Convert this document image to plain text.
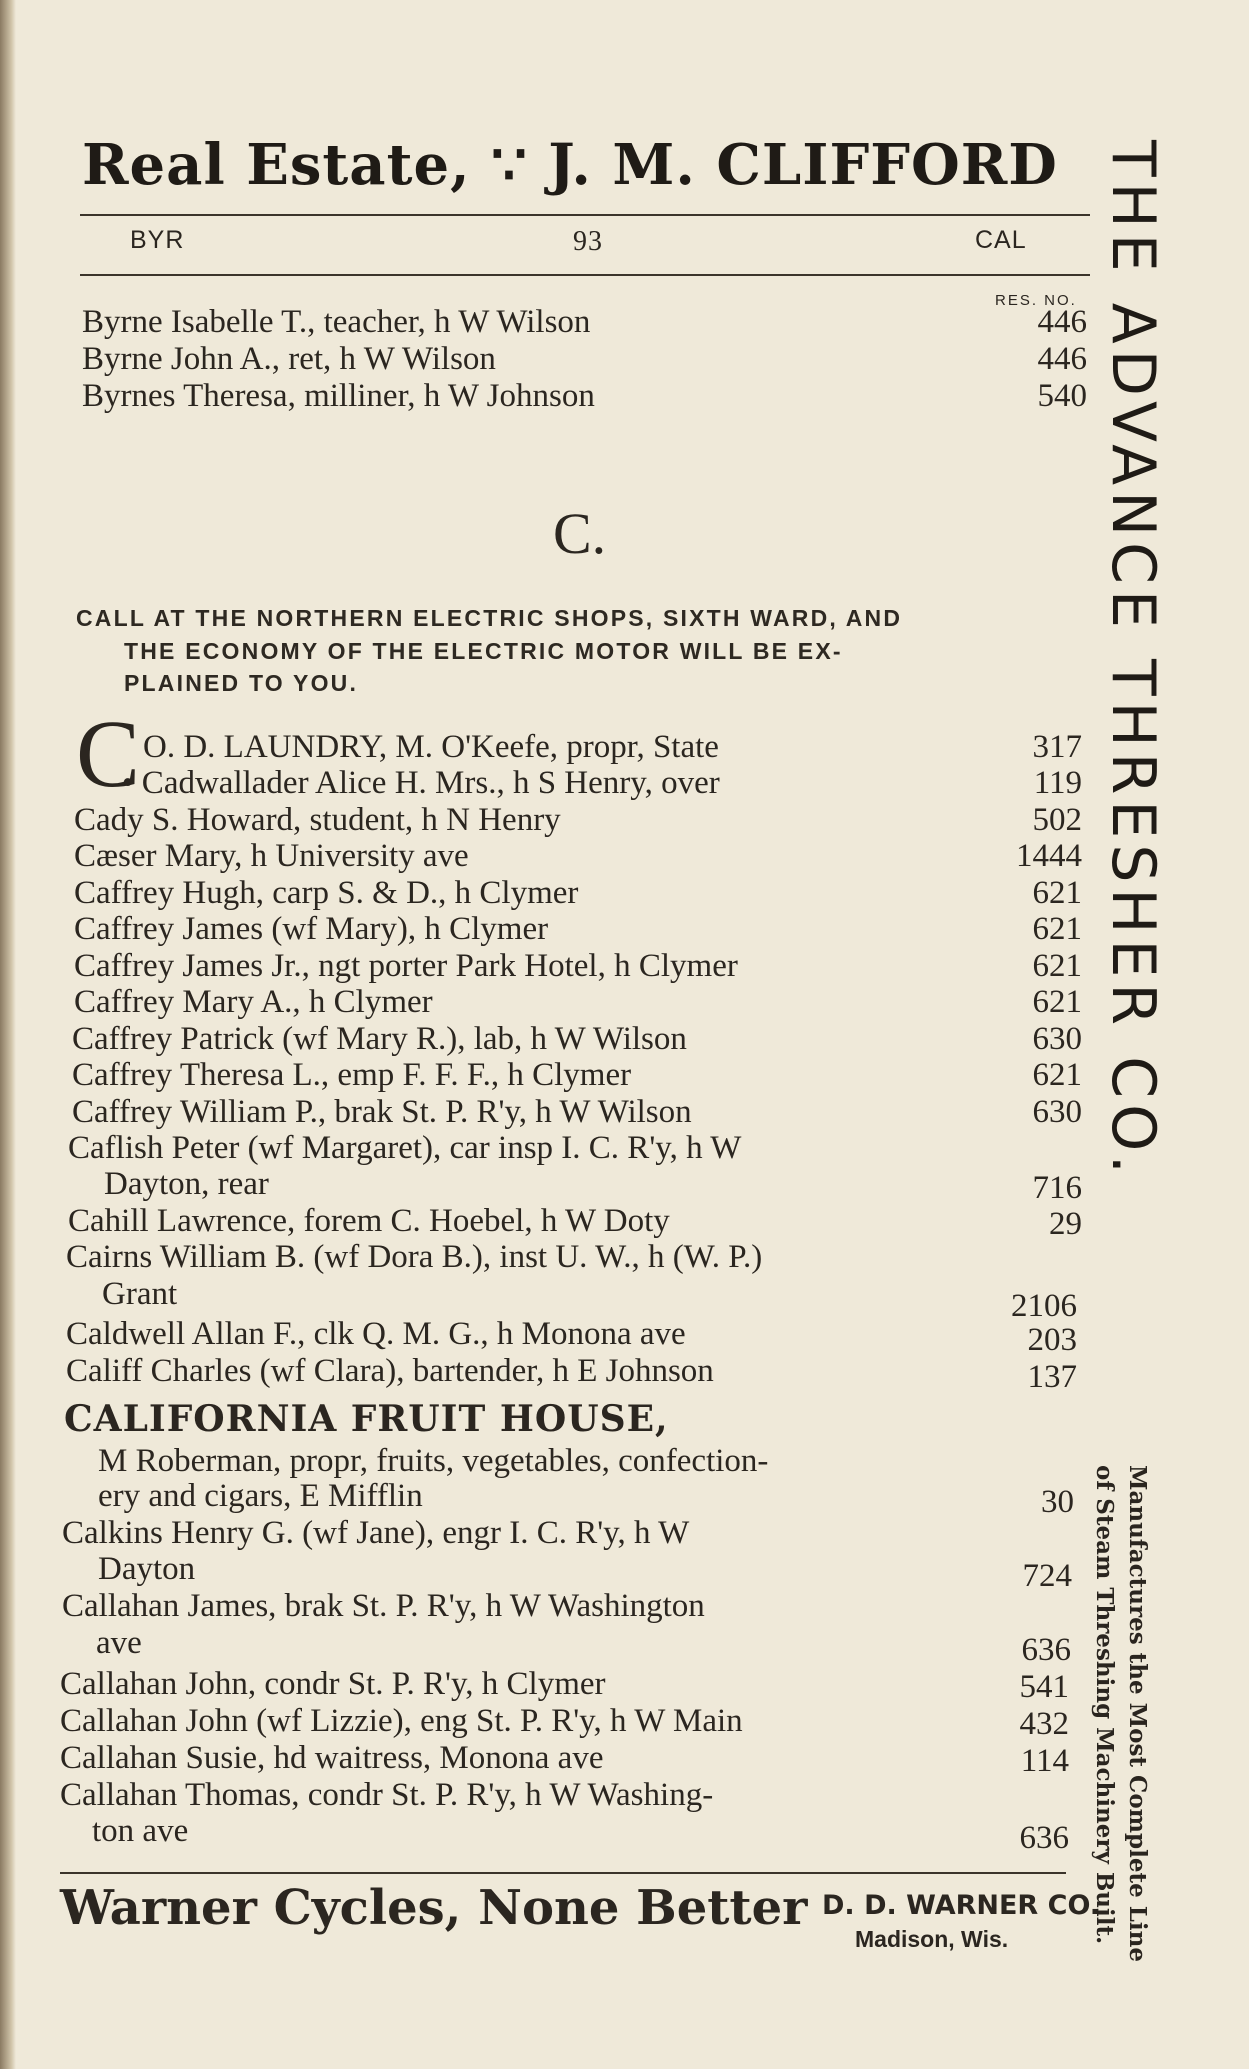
Real Estate, ∵ J. M. CLIFFORD
BYR	93	CAL
RES. NO.
Byrne Isabelle T., teacher, h W Wilson	446
Byrne John A., ret, h W Wilson	446
Byrnes Theresa, milliner, h W Johnson	540
C.
CALL AT THE NORTHERN ELECTRIC SHOPS, SIXTH WARD, AND
THE ECONOMY OF THE ELECTRIC MOTOR WILL BE EX-
PLAINED TO YOU.
C O. D. LAUNDRY, M. O'Keefe, propr, State	317
• Cadwallader Alice H. Mrs., h S Henry, over	119
Cady S. Howard, student, h N Henry	502
Cæser Mary, h University ave	1444
Caffrey Hugh, carp S. & D., h Clymer	621
Caffrey James (wf Mary), h Clymer	621
Caffrey James Jr., ngt porter Park Hotel, h Clymer	621
Caffrey Mary A., h Clymer	621
Caffrey Patrick (wf Mary R.), lab, h W Wilson	630
Caffrey Theresa L., emp F. F. F., h Clymer	621
Caffrey William P., brak St. P. R'y, h W Wilson	630
Caflish Peter (wf Margaret), car insp I. C. R'y, h W
Dayton, rear	716
Cahill Lawrence, forem C. Hoebel, h W Doty	29
Cairns William B. (wf Dora B.), inst U. W., h (W. P.)
Grant	2106
Caldwell Allan F., clk Q. M. G., h Monona ave	203
Califf Charles (wf Clara), bartender, h E Johnson	137
CALIFORNIA FRUIT HOUSE,
M Roberman, propr, fruits, vegetables, confection-
ery and cigars, E Mifflin	30
Calkins Henry G. (wf Jane), engr I. C. R'y, h W
Dayton	724
Callahan James, brak St. P. R'y, h W Washington
ave	636
Callahan John, condr St. P. R'y, h Clymer	541
Callahan John (wf Lizzie), eng St. P. R'y, h W Main	432
Callahan Susie, hd waitress, Monona ave	114
Callahan Thomas, condr St. P. R'y, h W Washing-
ton ave	636
Warner Cycles, None Better D. D. WARNER CO.
Madison, Wis.
THE ADVANCE THRESHER CO.
Manufactures the Most Complete Line
of Steam Threshing Machinery Built.
